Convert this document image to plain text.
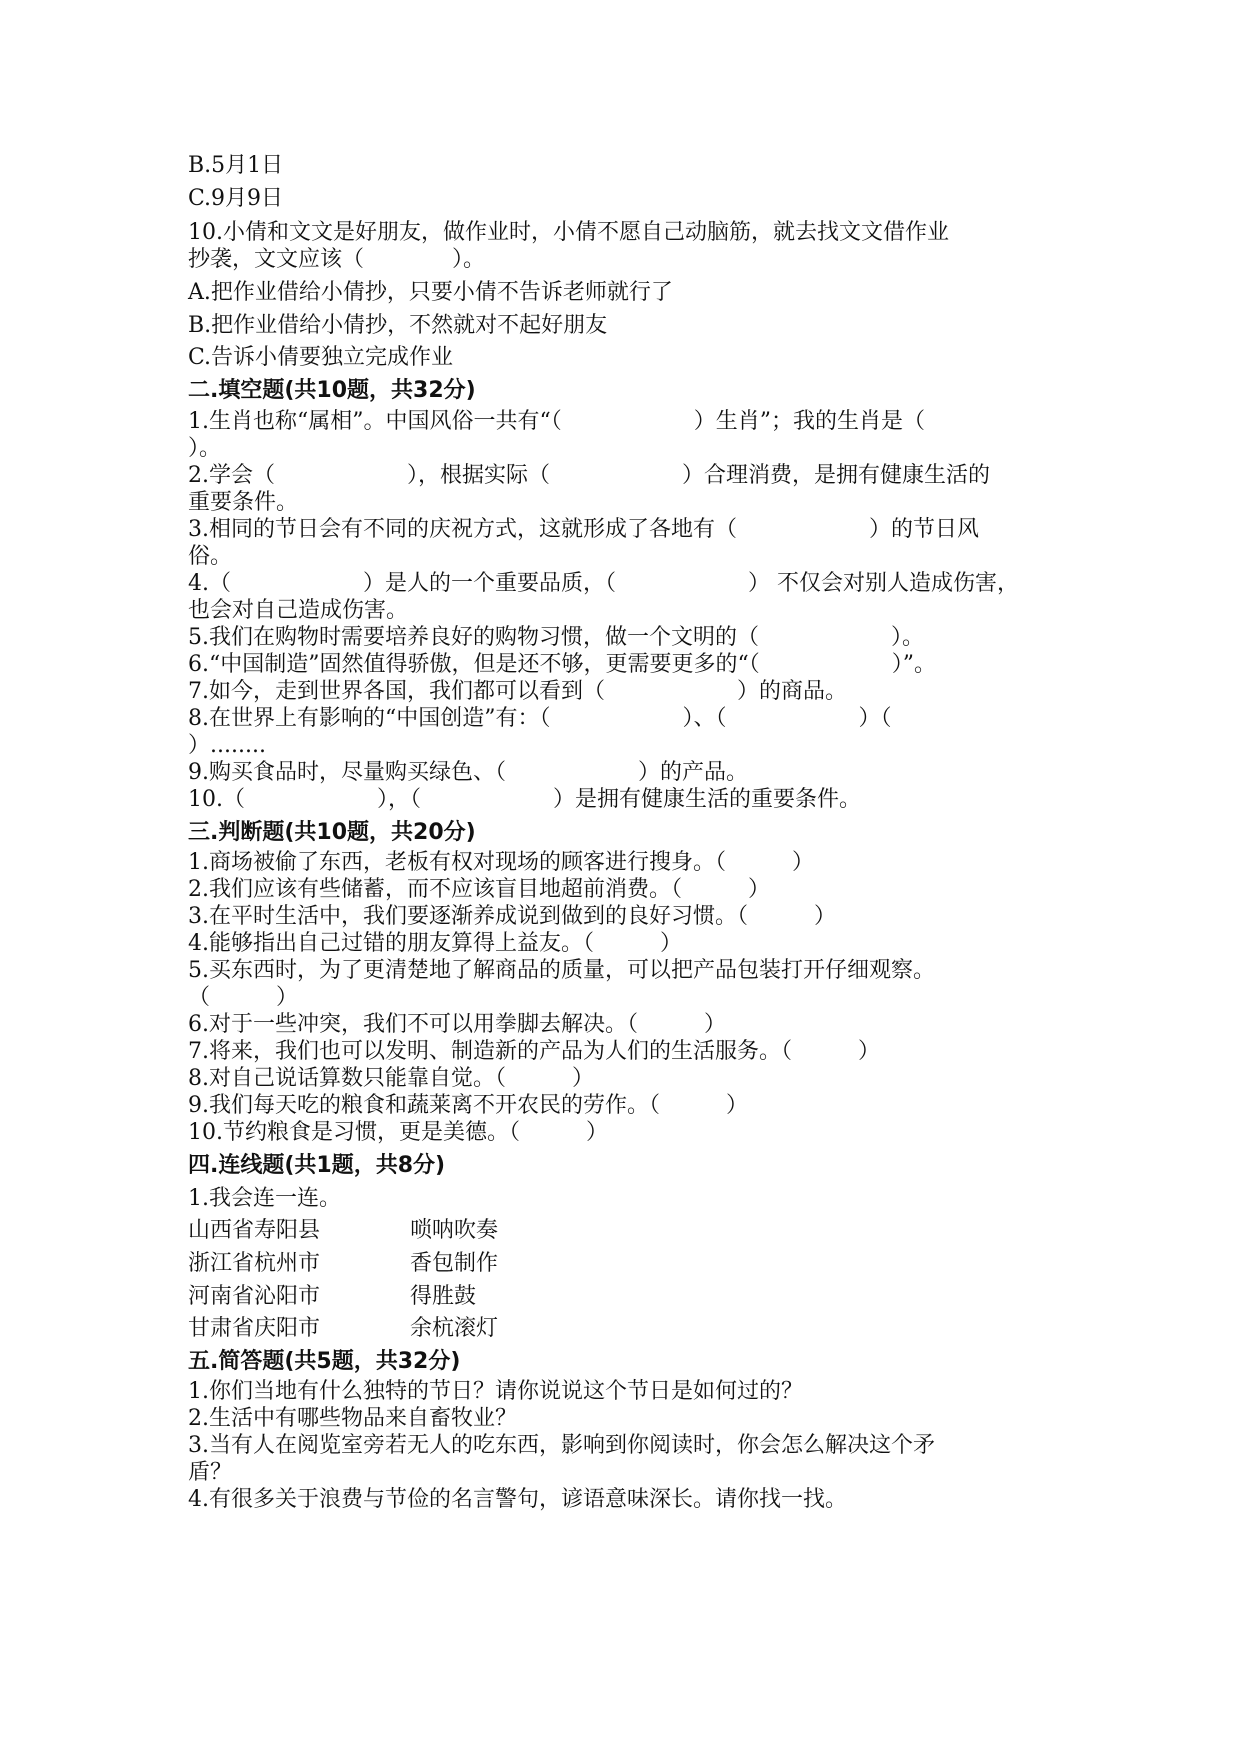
B.5月1日
C.9月9日
10.小倩和文文是好朋友，做作业时，小倩不愿自己动脑筋，就去找文文借作业
抄袭，文文应该（　　　　）。
A.把作业借给小倩抄，只要小倩不告诉老师就行了
B.把作业借给小倩抄，不然就对不起好朋友
C.告诉小倩要独立完成作业
二.填空题(共10题，共32分)
1.生肖也称“属相”。中国风俗一共有“（　　　　　　）生肖”；我的生肖是（
）。
2.学会（　　　　　　），根据实际（　　　　　　）合理消费，是拥有健康生活的
重要条件。
3.相同的节日会有不同的庆祝方式，这就形成了各地有（　　　　　　）的节日风
俗。
4.（　　　　　　）是人的一个重要品质，（　　　　　　） 不仅会对别人造成伤害，
也会对自己造成伤害。
5.我们在购物时需要培养良好的购物习惯，做一个文明的（　　　　　　）。
6.“中国制造”固然值得骄傲，但是还不够，更需要更多的“（　　　　　　）”。
7.如今，走到世界各国，我们都可以看到（　　　　　　）的商品。
8.在世界上有影响的“中国创造”有：（　　　　　　）、（　　　　　　）（
）........
9.购买食品时，尽量购买绿色、（　　　　　　）的产品。
10.（　　　　　　），（　　　　　　）是拥有健康生活的重要条件。
三.判断题(共10题，共20分)
1.商场被偷了东西，老板有权对现场的顾客进行搜身。（　　　）
2.我们应该有些储蓄，而不应该盲目地超前消费。（　　　）
3.在平时生活中，我们要逐渐养成说到做到的良好习惯。（　　　）
4.能够指出自己过错的朋友算得上益友。（　　　）
5.买东西时，为了更清楚地了解商品的质量，可以把产品包装打开仔细观察。
（　　　）
6.对于一些冲突，我们不可以用拳脚去解决。（　　　）
7.将来，我们也可以发明、制造新的产品为人们的生活服务。（　　　）
8.对自己说话算数只能靠自觉。（　　　）
9.我们每天吃的粮食和蔬莱离不开农民的劳作。（　　　）
10.节约粮食是习惯，更是美德。（　　　）
四.连线题(共1题，共8分)
1.我会连一连。
山西省寿阳县	唢呐吹奏
浙江省杭州市	香包制作
河南省沁阳市	得胜鼓
甘肃省庆阳市	余杭滚灯
五.简答题(共5题，共32分)
1.你们当地有什么独特的节日？请你说说这个节日是如何过的？
2.生活中有哪些物品来自畜牧业？
3.当有人在阅览室旁若无人的吃东西，影响到你阅读时，你会怎么解决这个矛
盾？
4.有很多关于浪费与节俭的名言警句，谚语意味深长。请你找一找。
